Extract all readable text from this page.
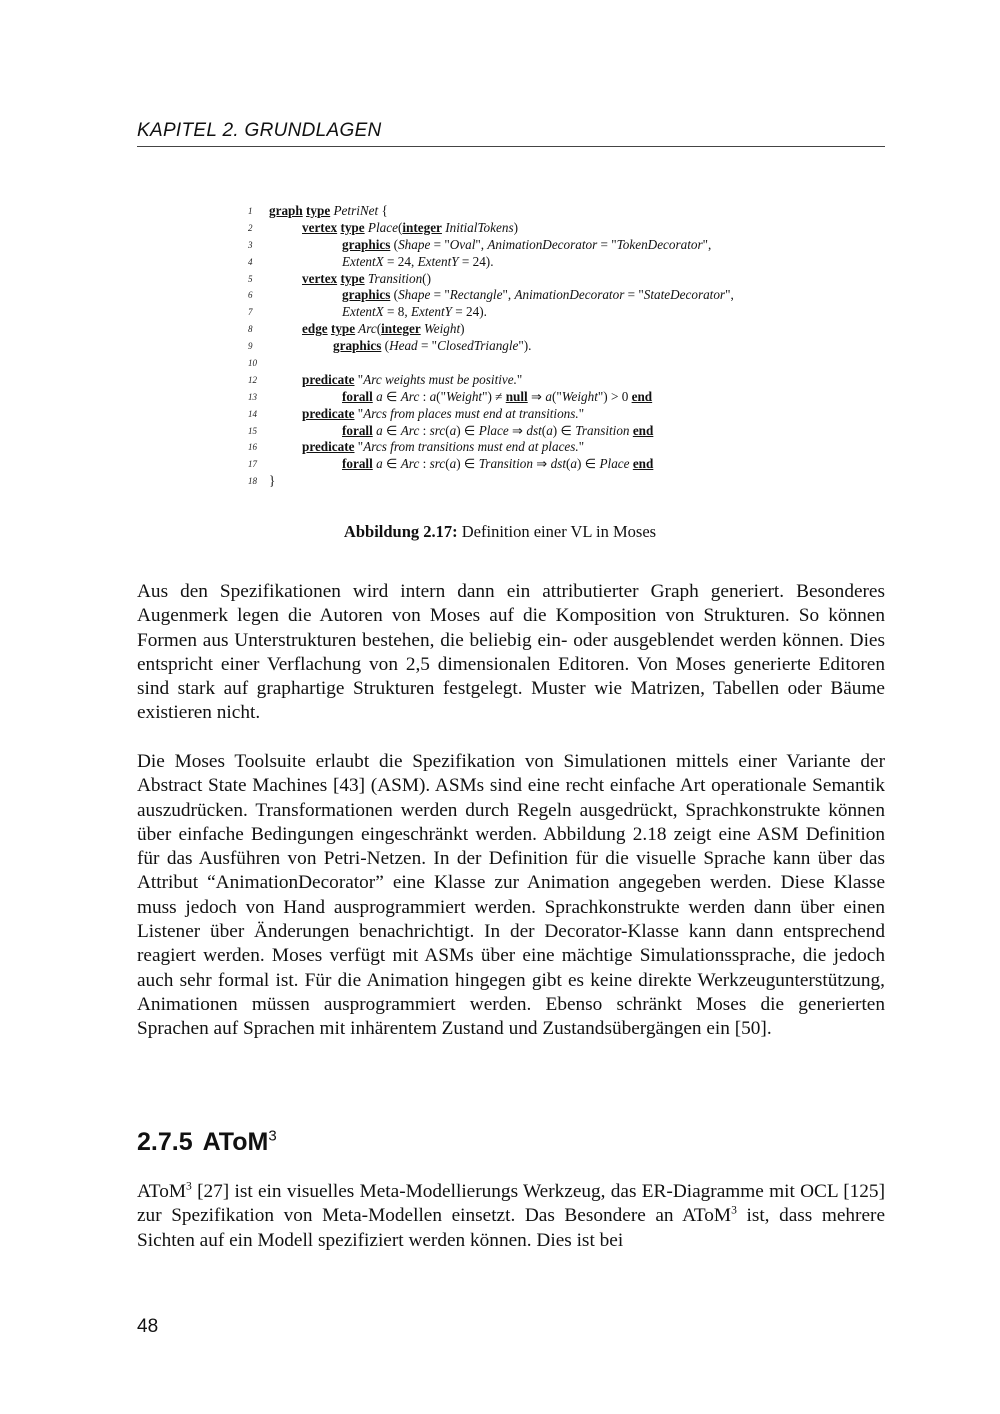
KAPITEL 2. GRUNDLAGEN
1	graph type PetriNet {
2	vertex type Place(integer InitialTokens)
3	graphics (Shape = "Oval", AnimationDecorator = "TokenDecorator",
4	ExtentX = 24, ExtentY = 24).
5	vertex type Transition()
6	graphics (Shape = "Rectangle", AnimationDecorator = "StateDecorator",
7	ExtentX = 8, ExtentY = 24).
8	edge type Arc(integer Weight)
9	graphics (Head = "ClosedTriangle").
10
12	predicate "Arc weights must be positive."
13	forall a ∈ Arc : a("Weight") ≠ null ⇒ a("Weight") > 0 end
14	predicate "Arcs from places must end at transitions."
15	forall a ∈ Arc : src(a) ∈ Place ⇒ dst(a) ∈ Transition end
16	predicate "Arcs from transitions must end at places."
17	forall a ∈ Arc : src(a) ∈ Transition ⇒ dst(a) ∈ Place end
18 }
Abbildung 2.17: Definition einer VL in Moses

Aus den Spezifikationen wird intern dann ein attributierter Graph generiert. Besonderes Augenmerk legen die Autoren von Moses auf die Komposition von Strukturen. So können Formen aus Unterstrukturen bestehen, die beliebig ein- oder ausgeblendet werden können. Dies entspricht einer Verflachung von 2,5 dimensionalen Editoren. Von Moses generierte Editoren sind stark auf graphartige Strukturen festgelegt. Muster wie Matrizen, Tabellen oder Bäume existieren nicht.

Die Moses Toolsuite erlaubt die Spezifikation von Simulationen mittels einer Variante der Abstract State Machines [43] (ASM). ASMs sind eine recht einfache Art operationale Semantik auszudrücken. Transformationen werden durch Regeln ausgedrückt, Sprachkonstrukte können über einfache Bedingungen eingeschränkt werden. Abbildung 2.18 zeigt eine ASM Definition für das Ausführen von Petri-Netzen. In der Definition für die visuelle Sprache kann über das Attribut “AnimationDecorator” eine Klasse zur Animation angegeben werden. Diese Klasse muss jedoch von Hand ausprogrammiert werden. Sprachkonstrukte werden dann über einen Listener über Änderungen benachrichtigt. In der Decorator-Klasse kann dann entsprechend reagiert werden. Moses verfügt mit ASMs über eine mächtige Simulationssprache, die jedoch auch sehr formal ist. Für die Animation hingegen gibt es keine direkte Werkzeugunterstützung, Animationen müssen ausprogrammiert werden. Ebenso schränkt Moses die generierten Sprachen auf Sprachen mit inhärentem Zustand und Zustandsübergängen ein [50].

2.7.5 AToM$^3$

AToM$^3$ [27] ist ein visuelles Meta-Modellierungs Werkzeug, das ER-Diagramme mit OCL [125] zur Spezifikation von Meta-Modellen einsetzt. Das Besondere an AToM$^3$ ist, dass mehrere Sichten auf ein Modell spezifiziert werden können. Dies ist bei

48
